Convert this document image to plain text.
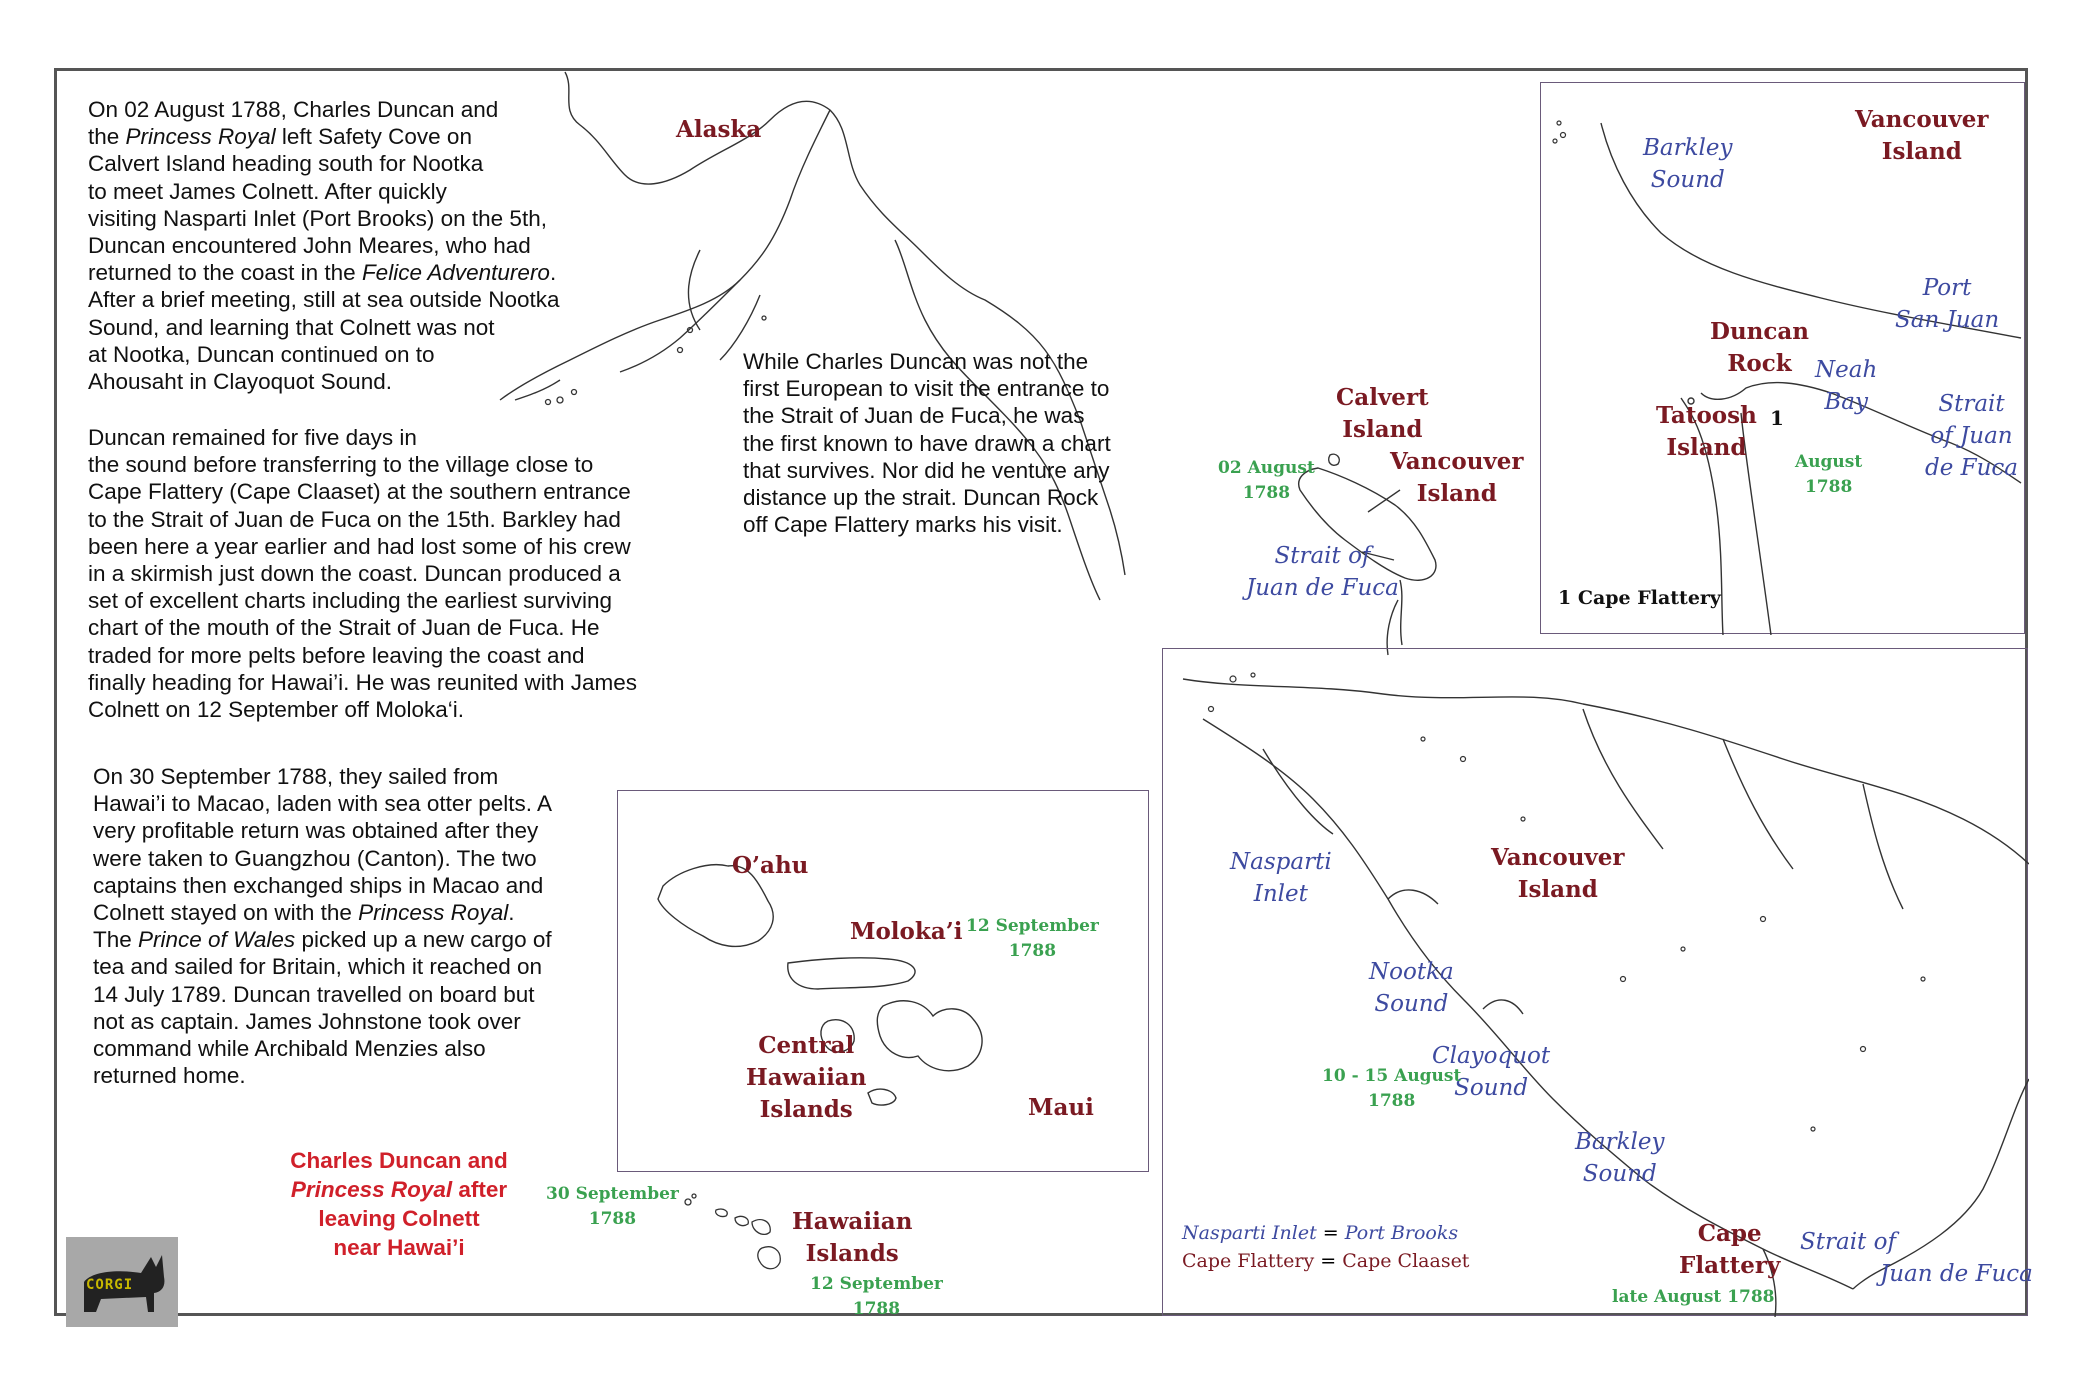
On 02 August 1788, Charles Duncan and

the Princess Royal left Safety Cove on

Calvert Island heading south for Nootka

to meet James Colnett. After quickly

visiting Nasparti Inlet (Port Brooks) on the 5th,

Duncan encountered John Meares, who had

returned to the coast in the Felice Adventurero.

After a brief meeting, still at sea outside Nootka

Sound, and learning that Colnett was not

at Nootka, Duncan continued on to

Ahousaht in Clayoquot Sound.

Duncan remained for five days in

the sound before transferring to the village close to

Cape Flattery (Cape Claaset) at the southern entrance

to the Strait of Juan de Fuca on the 15th. Barkley had

been here a year earlier and had lost some of his crew

in a skirmish just down the coast. Duncan produced a

set of excellent charts including the earliest surviving

chart of the mouth of the Strait of Juan de Fuca. He

traded for more pelts before leaving the coast and

finally heading for Hawai’i. He was reunited with James

Colnett on 12 September off Moloka‘i.

On 30 September 1788, they sailed from

Hawai’i to Macao, laden with sea otter pelts. A

very profitable return was obtained after they

were taken to Guangzhou (Canton). The two

captains then exchanged ships in Macao and

Colnett stayed on with the Princess Royal.

The Prince of Wales picked up a new cargo of

tea and sailed for Britain, which it reached on

14 July 1789. Duncan travelled on board but

not as captain. James Johnstone took over

command while Archibald Menzies also

returned home.

While Charles Duncan was not the

first European to visit the entrance to

the Strait of Juan de Fuca, he was

the first known to have drawn a chart

that survives. Nor did he venture any

distance up the strait. Duncan Rock

off Cape Flattery marks his visit.

Alaska
Calvert
Island
Vancouver
Island
Strait of
Juan de Fuca
02 August
1788
Vancouver
Island
Barkley
Sound
Port
San Juan
Duncan
Rock	Neah
Bay	Strait
of Juan
de Fuca
Tatoosh
Island
1
August
1788
1 Cape Flattery
O’ahu
Moloka’i
Central
Hawaiian
Islands	Maui
12 September
1788
Hawaiian
Islands
30 September
1788
12 September
1788
Charles Duncan and
Princess Royal after
leaving Colnett
near Hawai’i
Nasparti
Inlet
Vancouver
Island
Nootka
Sound
Clayoquot
Sound
10 - 15 August
1788
Barkley
Sound
Cape
Flattery
Strait of
Juan de Fuca
late August 1788
Nasparti Inlet = Port Brooks
Cape Flattery = Cape Claaset
CORGI
